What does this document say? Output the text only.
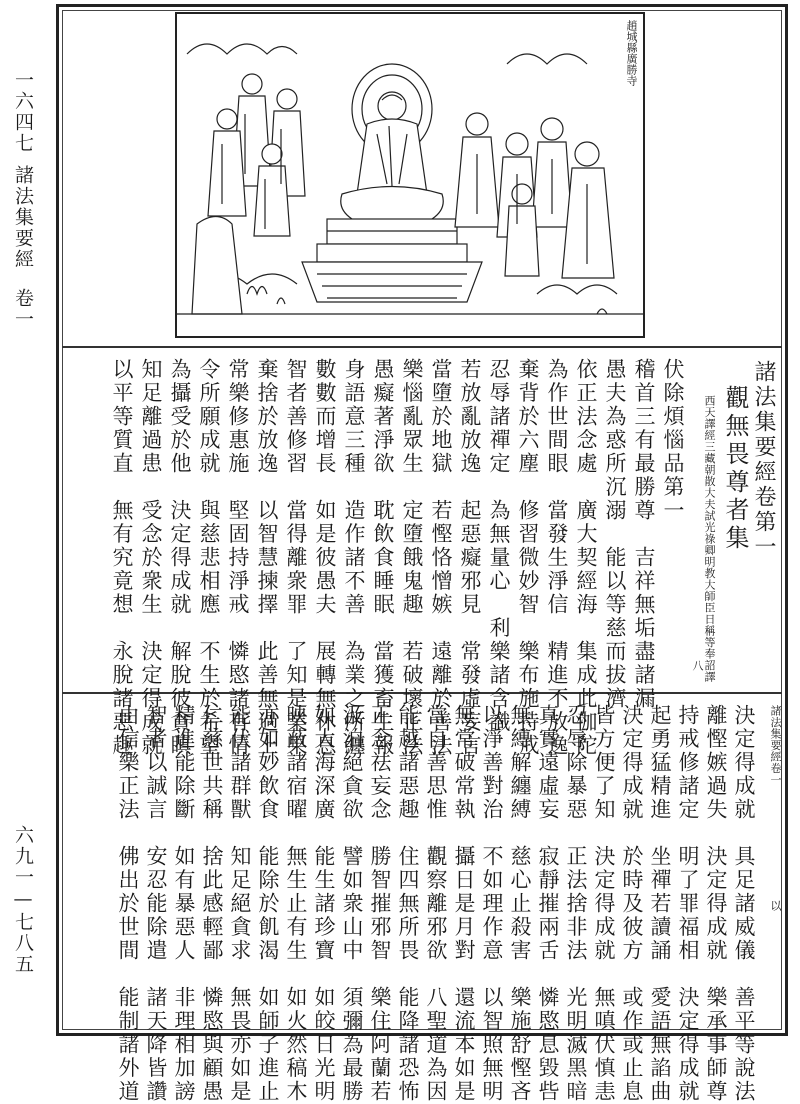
一六四七
諸法集要經
卷一
六九一—七八五
趙城縣廣勝寺
諸法集要經卷第一
觀無畏尊者集
西天譯經三藏朝散大夫試光祿卿明教大師臣日稱等奉詔譯
八
伏除煩惱品第一
稽首三有最勝尊　吉祥無垢盡諸漏
愚夫為惑所沉溺　能以等慈而拔濟
依正法念處　廣大契經海　集成此伽陀
為作世間眼　當發生淨信　精進不放逸
棄背於六塵　修習微妙智　樂布施持戒
忍辱諸禪定　為無量心　利樂諸含識
若放亂放逸　起惡癡邪見　常發虛妄言
當墮於地獄　若慳恪憎嫉　遠離於善法
樂惱亂眾生　定墮餓鬼趣　若破壞正法
愚癡著淨欲　耽飲食睡眠　當獲畜生報
身語意三種　造作諸不善　為業之所纏
數數而增長　如是彼愚夫　展轉無休息
智者善修習　當得離衆罪　了知是業果
棄捨於放逸　以智慧揀擇　此善無過上
常樂修惠施　堅固持淨戒　憐愍諸有情
令所願成就　與慈悲相應　不生於希望
為攝受於他　決定得成就　解脫彼貪瞋
知足離過患　受念於衆生　決定得成就
以平等質直　無有究竟想　永脫諸惡趣	諸法集要經卷一
以
決定得成就　具足諸威儀　善平等說法
離慳嫉過失　決定得成就　樂承事師尊
持戒修諸定　明了罪福相　決定得成就
起勇猛精進　坐禪若讀誦　愛語無諂曲
決定得成就　於時及彼方　或作或止息
皆方便了知　決定得成就　無嗔伏慎恚
忍辱除暴惡　正法捨非法　光明滅黑暗
真實遠虛妄　寂靜摧兩舌　憐愍息毀呰
無縛解纏縛　慈心止殺害　樂施舒慳吝
以淨善對治　不如理作意　以智照無明
無常破常執　攝日是月對　還流本如是
當自善思惟　觀察離邪欲　八聖道為因
能越諸惡趣　住四無所畏　能降諸恐怖
正念祛妄念　勝智摧邪智　樂住阿蘭若
汲泊絕貪欲　譬如衆山中　須彌為最勝
如大海深廣　能生諸珍寶　如皎日光明
映蔽諸宿曜　無生止有生　如火然稿木
亦如妙飲食　能除於飢渴　如師子進止
能伏諸群獸　知足絕貪求　無畏亦如是
仁慈世共稱　捨此感輕鄙　憐愍與顧愚
精進能除斷　如有暴惡人　非理相加謗
智者以誠言　安忍能除遣　諸天降皆讚
由信樂正法　佛出於世間　能制諸外道
